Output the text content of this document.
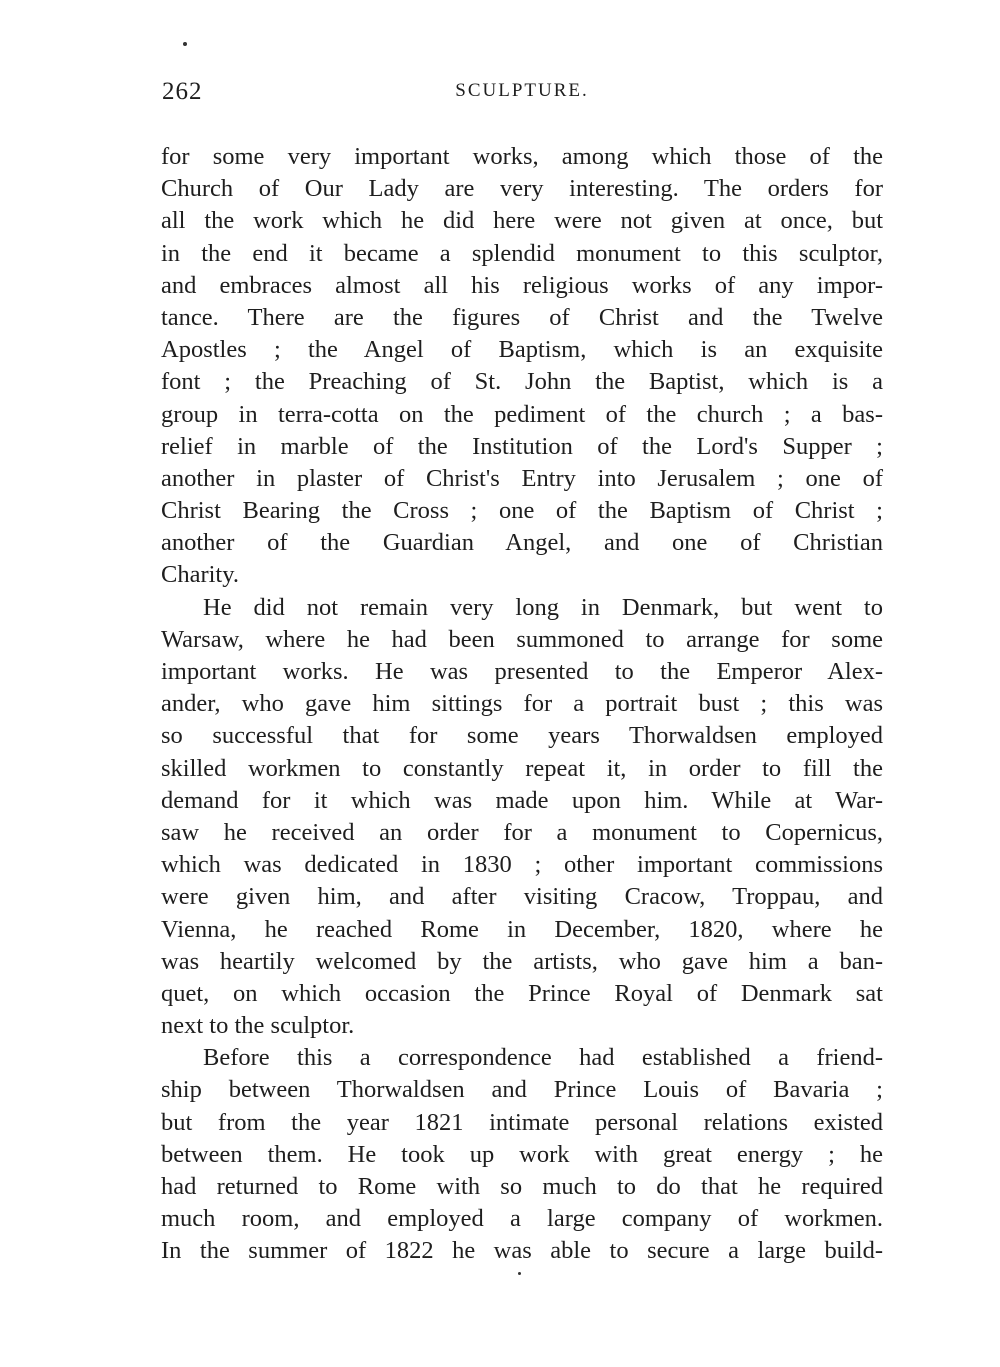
262	SCULPTURE.
for some very important works, among which those of the
Church of Our Lady are very interesting. The orders for
all the work which he did here were not given at once, but
in the end it became a splendid monument to this sculptor,
and embraces almost all his religious works of any impor-
tance. There are the figures of Christ and the Twelve
Apostles ; the Angel of Baptism, which is an exquisite
font ; the Preaching of St. John the Baptist, which is a
group in terra-cotta on the pediment of the church ; a bas-
relief in marble of the Institution of the Lord's Supper ;
another in plaster of Christ's Entry into Jerusalem ; one of
Christ Bearing the Cross ; one of the Baptism of Christ ;
another of the Guardian Angel, and one of Christian
Charity.
He did not remain very long in Denmark, but went to
Warsaw, where he had been summoned to arrange for some
important works. He was presented to the Emperor Alex-
ander, who gave him sittings for a portrait bust ; this was
so successful that for some years Thorwaldsen employed
skilled workmen to constantly repeat it, in order to fill the
demand for it which was made upon him. While at War-
saw he received an order for a monument to Copernicus,
which was dedicated in 1830 ; other important commissions
were given him, and after visiting Cracow, Troppau, and
Vienna, he reached Rome in December, 1820, where he
was heartily welcomed by the artists, who gave him a ban-
quet, on which occasion the Prince Royal of Denmark sat
next to the sculptor.
Before this a correspondence had established a friend-
ship between Thorwaldsen and Prince Louis of Bavaria ;
but from the year 1821 intimate personal relations existed
between them. He took up work with great energy ; he
had returned to Rome with so much to do that he required
much room, and employed a large company of workmen.
In the summer of 1822 he was able to secure a large build-
